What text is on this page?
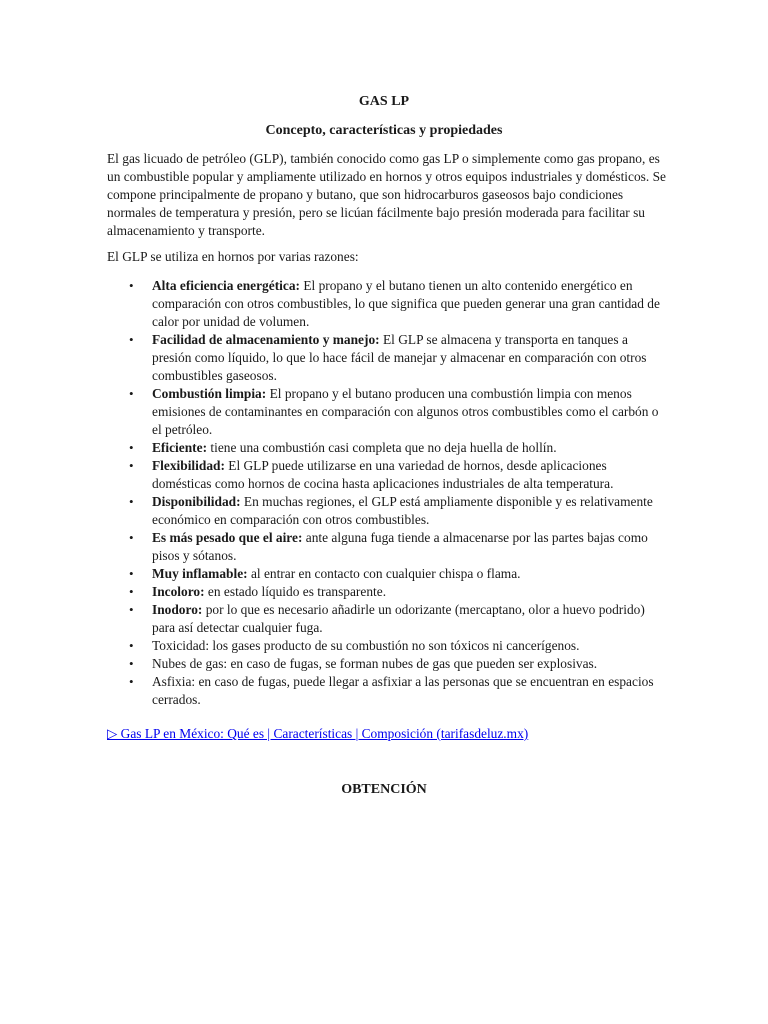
GAS LP
Concepto, características y propiedades

El gas licuado de petróleo (GLP), también conocido como gas LP o simplemente como gas propano, es un combustible popular y ampliamente utilizado en hornos y otros equipos industriales y domésticos. Se compone principalmente de propano y butano, que son hidrocarburos gaseosos bajo condiciones normales de temperatura y presión, pero se licúan fácilmente bajo presión moderada para facilitar su almacenamiento y transporte.

El GLP se utiliza en hornos por varias razones:

• Alta eficiencia energética: El propano y el butano tienen un alto contenido energético en comparación con otros combustibles, lo que significa que pueden generar una gran cantidad de calor por unidad de volumen.
• Facilidad de almacenamiento y manejo: El GLP se almacena y transporta en tanques a presión como líquido, lo que lo hace fácil de manejar y almacenar en comparación con otros combustibles gaseosos.
• Combustión limpia: El propano y el butano producen una combustión limpia con menos emisiones de contaminantes en comparación con algunos otros combustibles como el carbón o el petróleo.
• Eficiente: tiene una combustión casi completa que no deja huella de hollín.
• Flexibilidad: El GLP puede utilizarse en una variedad de hornos, desde aplicaciones domésticas como hornos de cocina hasta aplicaciones industriales de alta temperatura.
• Disponibilidad: En muchas regiones, el GLP está ampliamente disponible y es relativamente económico en comparación con otros combustibles.
• Es más pesado que el aire: ante alguna fuga tiende a almacenarse por las partes bajas como pisos y sótanos.
• Muy inflamable: al entrar en contacto con cualquier chispa o flama.
• Incoloro: en estado líquido es transparente.
• Inodoro: por lo que es necesario añadirle un odorizante (mercaptano, olor a huevo podrido) para así detectar cualquier fuga.
• Toxicidad: los gases producto de su combustión no son tóxicos ni cancerígenos.
• Nubes de gas: en caso de fugas, se forman nubes de gas que pueden ser explosivas.
• Asfixia: en caso de fugas, puede llegar a asfixiar a las personas que se encuentran en espacios cerrados.
▷ Gas LP en México: Qué es | Características | Composición (tarifasdeluz.mx)
OBTENCIÓN
